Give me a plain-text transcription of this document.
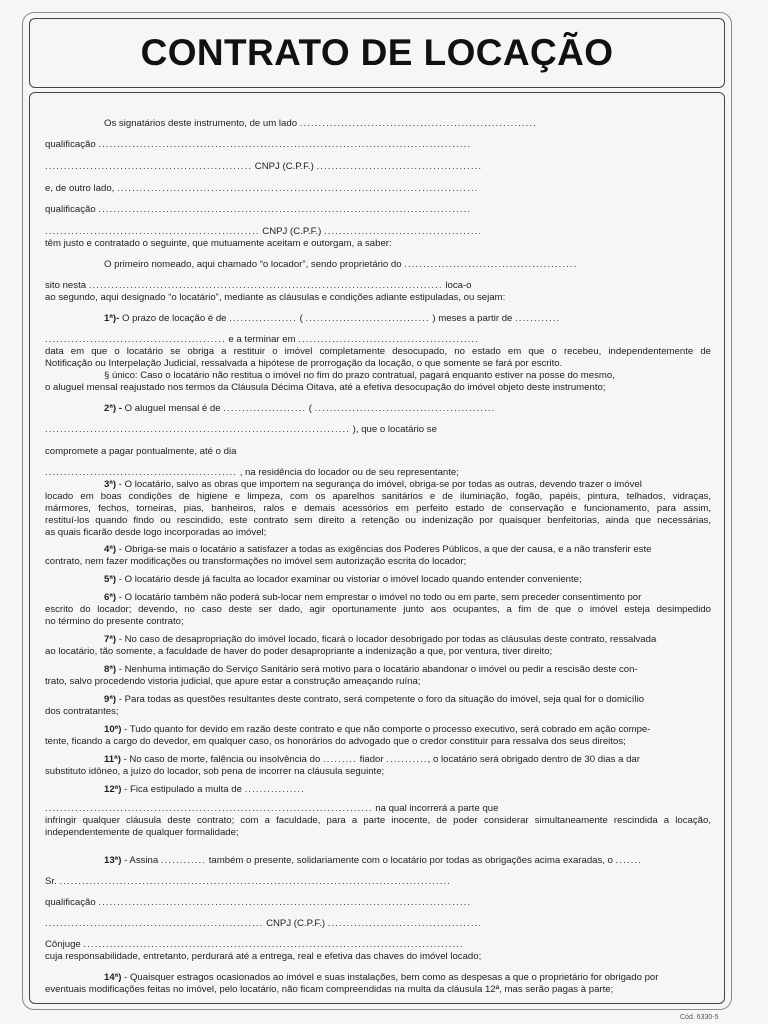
CONTRATO DE LOCAÇÃO
Os signatários deste instrumento, de um lado ...............................................................
qualificação ...................................................................................................
....................................................... CNPJ (C.P.F.) ............................................
e, de outro lado, ................................................................................................
qualificação ...................................................................................................
......................................................... CNPJ (C.P.F.) ..........................................
têm justo e contratado o seguinte, que mutuamente aceitam e outorgam, a saber:
O primeiro nomeado, aqui chamado “o locador”, sendo proprietário do ..............................................
sito nesta .............................................................................................. loca-o
ao segundo, aqui designado “o locatário”, mediante as cláusulas e condições adiante estipuladas, ou sejam:
1ª)- O prazo de locação é de .................. ( ................................. ) meses a partir de ............
................................................ e a terminar em ................................................
data em que o locatário se obriga a restituir o imóvel completamente desocupado, no estado em que o recebeu, independentemente de
Notificação ou Interpelação Judicial, ressalvada a hipótese de prorrogação da locação, o que somente se fará por escrito.
§ único: Caso o locatário não restitua o imóvel no fim do prazo contratual, pagará enquanto estiver na posse do mesmo,
o aluguel mensal reajustado nos termos da Cláusula Décima Oitava, até a efetiva desocupação do imóvel objeto deste instrumento;
2ª) - O aluguel mensal é de ...................... ( ................................................
................................................................................. ), que o locatário se
compromete a pagar pontualmente, até o dia
................................................... , na residência do locador ou de seu representante;
3ª) - O locatário, salvo as obras que importem na segurança do imóvel, obriga-se por todas as outras, devendo trazer o imóvel
locado em boas condições de higiene e limpeza, com os aparelhos sanitários e de iluminação, fogão, papéis, pintura, telhados, vidraças,
mármores, fechos, torneiras, pias, banheiros, ralos e demais acessórios em perfeito estado de conservação e funcionamento, para assim,
restituí-los quando findo ou rescindido, este contrato sem direito a retenção ou indenização por quaisquer benfeitorias, ainda que necessárias,
as quais ficarão desde logo incorporadas ao imóvel;
4ª) - Obriga-se mais o locatário a satisfazer a todas as exigências dos Poderes Públicos, a que der causa, e a não transferir este
contrato, nem fazer modificações ou transformações no imóvel sem autorização escrita do locador;
5ª) - O locatário desde já faculta ao locador examinar ou vistoriar o imóvel locado quando entender conveniente;
6ª) - O locatário também não poderá sub-locar nem emprestar o imóvel no todo ou em parte, sem preceder consentimento por
escrito do locador; devendo, no caso deste ser dado, agir oportunamente junto aos ocupantes, a fim de que o imóvel esteja desimpedido
no término do presente contrato;
7ª) - No caso de desapropriação do imóvel locado, ficará o locador desobrigado por todas as cláusulas deste contrato, ressalvada
ao locatário, tão somente, a faculdade de haver do poder desapropriante a indenização a que, por ventura, tiver direito;
8ª) - Nenhuma intimação do Serviço Sanitário será motivo para o locatário abandonar o imóvel ou pedir a rescisão deste con-
trato, salvo procedendo vistoria judicial, que apure estar a construção ameaçando ruína;
9ª) - Para todas as questões resultantes deste contrato, será competente o foro da situação do imóvel, seja qual for o domicílio
dos contratantes;
10ª) - Tudo quanto for devido em razão deste contrato e que não comporte o processo executivo, será cobrado em ação compe-
tente, ficando a cargo do devedor, em qualquer caso, os honorários do advogado que o credor constituir para ressalva dos seus direitos;
11ª) - No caso de morte, falência ou insolvência do ......... fiador ..........., o locatário será obrigado dentro de 30 dias a dar
substituto idôneo, a juízo do locador, sob pena de incorrer na cláusula seguinte;
12ª) - Fica estipulado a multa de ................
....................................................................................... na qual incorrerá a parte que
infringir qualquer cláusula deste contrato; com a faculdade, para a parte inocente, de poder considerar simultaneamente rescindida a locação,
independentemente de qualquer formalidade;
13ª) - Assina ............ também o presente, solidariamente com o locatário por todas as obrigações acima exaradas, o .......
Sr. ........................................................................................................
qualificação ...................................................................................................
.......................................................... CNPJ (C.P.F.) .........................................
Cônjuge .....................................................................................................
cuja responsabilidade, entretanto, perdurará até a entrega, real e efetiva das chaves do imóvel locado;
14ª) - Quaisquer estragos ocasionados ao imóvel e suas instalações, bem como as despesas a que o proprietário for obrigado por
eventuais modificações feitas no imóvel, pelo locatário, não ficam compreendidas na multa da cláusula 12ª, mas serão pagas à parte;
Cód. 6330-5
